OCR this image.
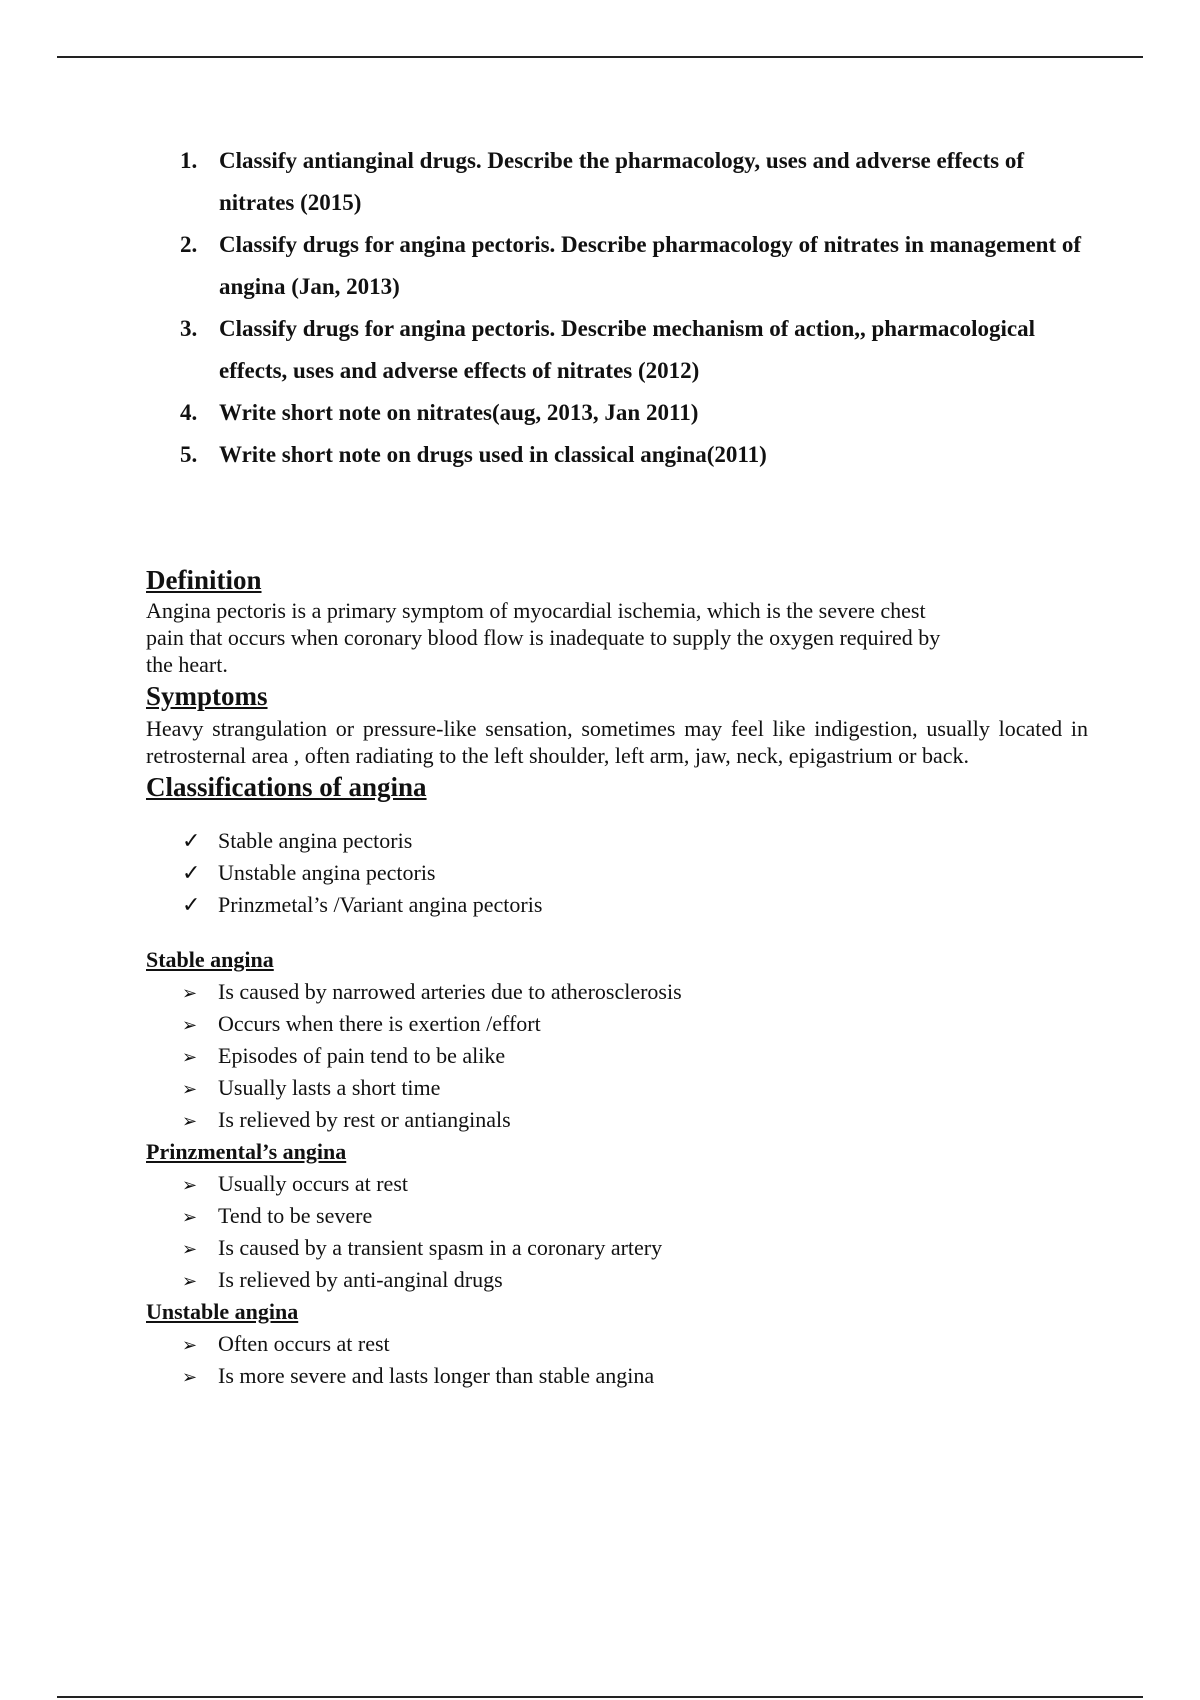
1. Classify antianginal drugs. Describe the pharmacology, uses and adverse effects of nitrates (2015)
2. Classify drugs for angina pectoris. Describe pharmacology of nitrates in management of angina (Jan, 2013)
3. Classify drugs for angina pectoris. Describe mechanism of action,, pharmacological effects, uses and adverse effects of nitrates (2012)
4. Write short note on nitrates(aug, 2013, Jan 2011)
5. Write short note on drugs used in classical angina(2011)
Definition

Angina pectoris is a primary symptom of myocardial ischemia, which is the severe chest

pain that occurs when coronary blood flow is inadequate to supply the oxygen required by

the heart.

Symptoms

Heavy strangulation or pressure-like sensation, sometimes may feel like indigestion, usually located in retrosternal area , often radiating to the left shoulder, left arm, jaw, neck, epigastrium or back.

Classifications of angina
✓ Stable angina pectoris
✓ Unstable angina pectoris
✓ Prinzmetal’s /Variant angina pectoris
Stable angina
➢ Is caused by narrowed arteries due to atherosclerosis
➢ Occurs when there is exertion /effort
➢ Episodes of pain tend to be alike
➢ Usually lasts a short time
➢ Is relieved by rest or antianginals
Prinzmental’s angina
➢ Usually occurs at rest
➢ Tend to be severe
➢ Is caused by a transient spasm in a coronary artery
➢ Is relieved by anti-anginal drugs
Unstable angina
➢ Often occurs at rest
➢ Is more severe and lasts longer than stable angina
